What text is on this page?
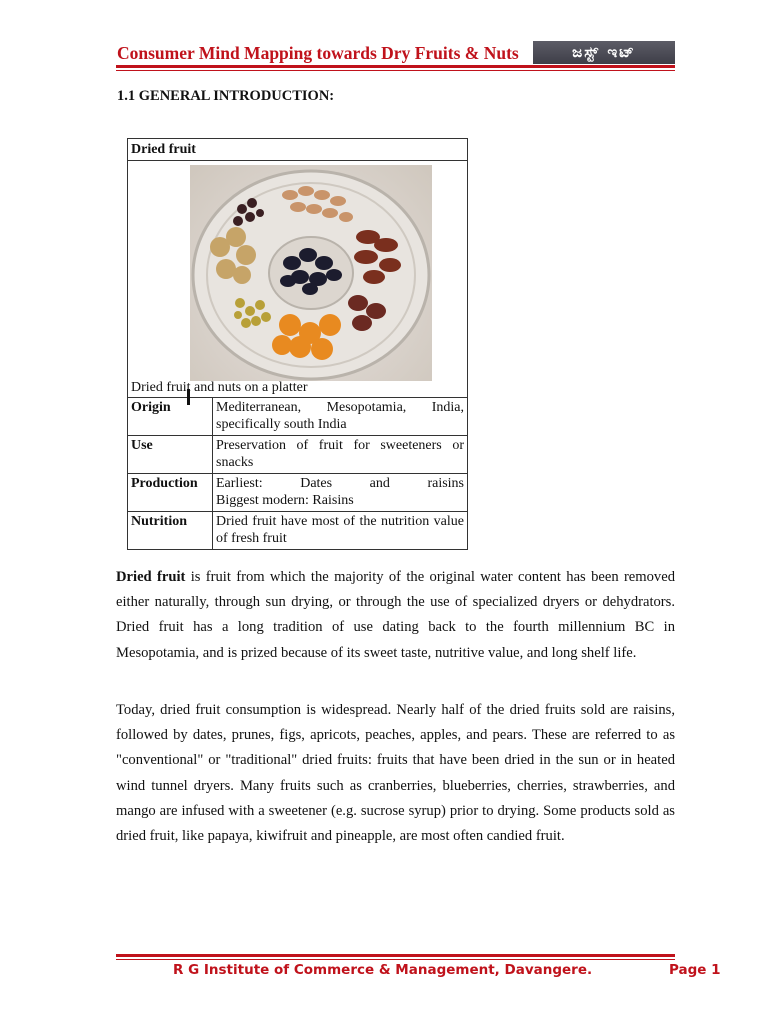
Consumer Mind Mapping towards Dry Fruits & Nuts	ಜಸ್ಟ್ ಇಟ್
1.1 GENERAL INTRODUCTION:
Dried fruit	

Dried fruit and nuts on a platter	

Origin	Mediterranean, Mesopotamia, India, specifically south India
Use	Preservation of fruit for sweeteners or snacks
Production	Earliest: Dates and raisins
Biggest modern: Raisins

Nutrition	Dried fruit have most of the nutrition value of fresh fruit
Dried fruit is fruit from which the majority of the original water content has been removed either naturally, through sun drying, or through the use of specialized dryers or dehydrators. Dried fruit has a long tradition of use dating back to the fourth millennium BC in Mesopotamia, and is prized because of its sweet taste, nutritive value, and long shelf life.
Today, dried fruit consumption is widespread. Nearly half of the dried fruits sold are raisins, followed by dates, prunes, figs, apricots, peaches, apples, and pears. These are referred to as "conventional" or "traditional" dried fruits: fruits that have been dried in the sun or in heated wind tunnel dryers. Many fruits such as cranberries, blueberries, cherries, strawberries, and mango are infused with a sweetener (e.g. sucrose syrup) prior to drying. Some products sold as dried fruit, like papaya, kiwifruit and pineapple, are most often candied fruit.
R G Institute of Commerce & Management, Davangere.	Page 1
